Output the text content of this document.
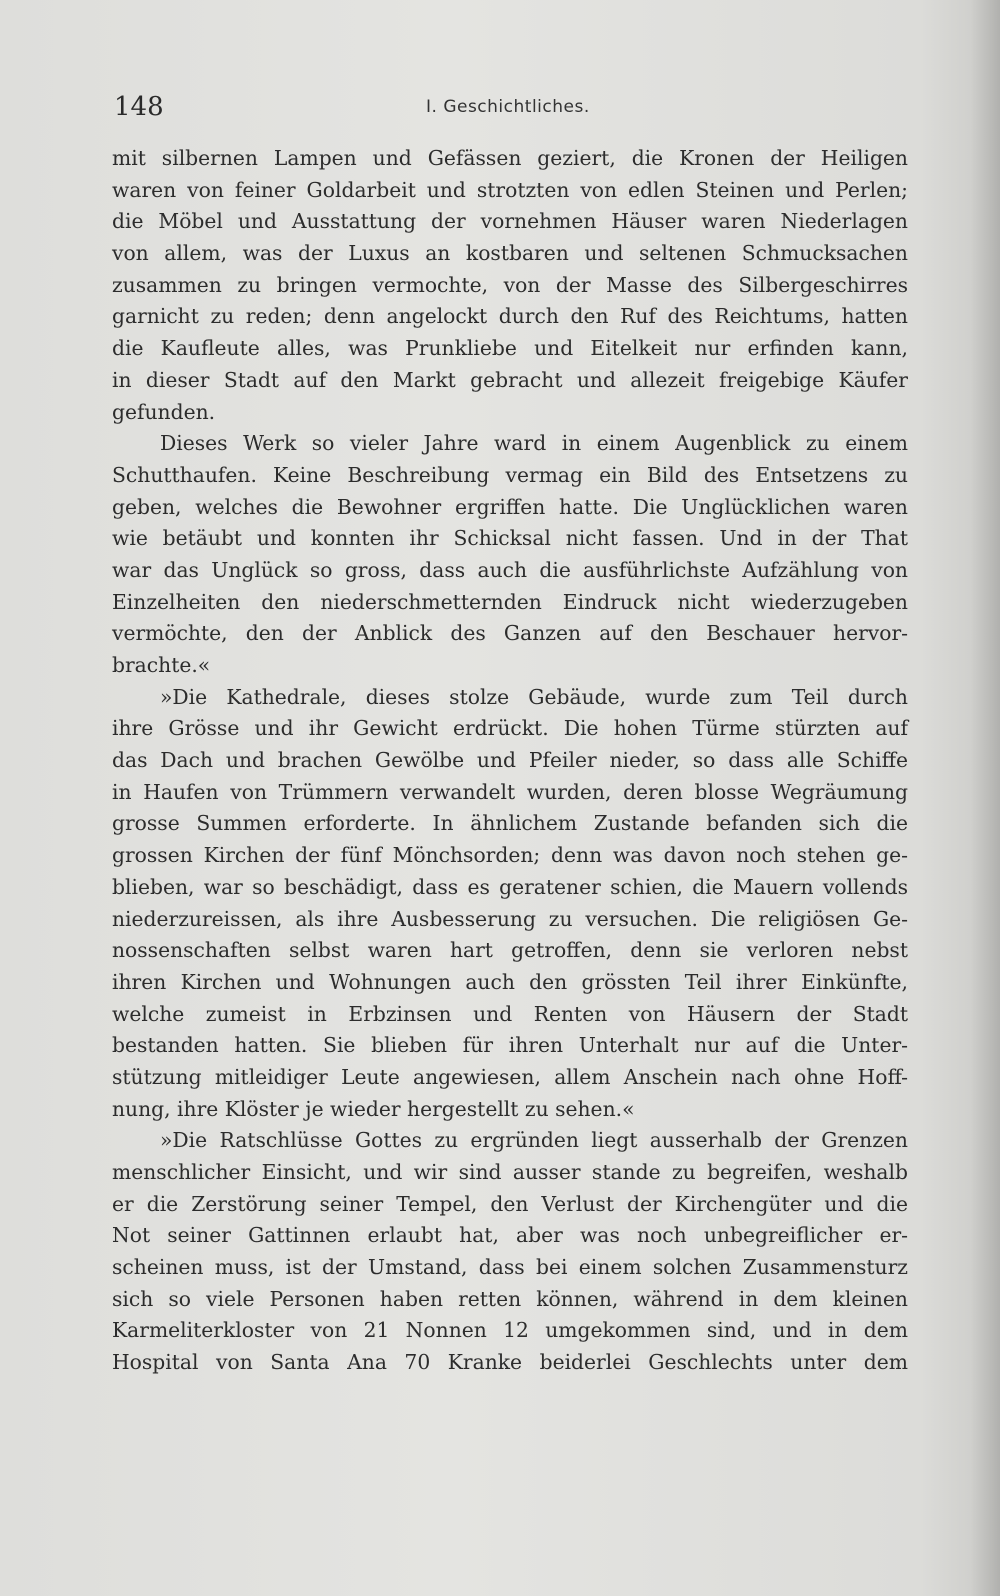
148	I. Geschichtliches.
mit silbernen Lampen und Gefässen geziert, die Kronen der Heiligen
waren von feiner Goldarbeit und strotzten von edlen Steinen und Perlen;
die Möbel und Ausstattung der vornehmen Häuser waren Niederlagen
von allem, was der Luxus an kostbaren und seltenen Schmucksachen
zusammen zu bringen vermochte, von der Masse des Silbergeschirres
garnicht zu reden; denn angelockt durch den Ruf des Reichtums, hatten
die Kaufleute alles, was Prunkliebe und Eitelkeit nur erfinden kann,
in dieser Stadt auf den Markt gebracht und allezeit freigebige Käufer
gefunden.
Dieses Werk so vieler Jahre ward in einem Augenblick zu einem
Schutthaufen. Keine Beschreibung vermag ein Bild des Entsetzens zu
geben, welches die Bewohner ergriffen hatte. Die Unglücklichen waren
wie betäubt und konnten ihr Schicksal nicht fassen. Und in der That
war das Unglück so gross, dass auch die ausführlichste Aufzählung von
Einzelheiten den niederschmetternden Eindruck nicht wiederzugeben
vermöchte, den der Anblick des Ganzen auf den Beschauer hervor-
brachte.«
»Die Kathedrale, dieses stolze Gebäude, wurde zum Teil durch
ihre Grösse und ihr Gewicht erdrückt. Die hohen Türme stürzten auf
das Dach und brachen Gewölbe und Pfeiler nieder, so dass alle Schiffe
in Haufen von Trümmern verwandelt wurden, deren blosse Wegräumung
grosse Summen erforderte. In ähnlichem Zustande befanden sich die
grossen Kirchen der fünf Mönchsorden; denn was davon noch stehen ge-
blieben, war so beschädigt, dass es geratener schien, die Mauern vollends
niederzureissen, als ihre Ausbesserung zu versuchen. Die religiösen Ge-
nossenschaften selbst waren hart getroffen, denn sie verloren nebst
ihren Kirchen und Wohnungen auch den grössten Teil ihrer Einkünfte,
welche zumeist in Erbzinsen und Renten von Häusern der Stadt
bestanden hatten. Sie blieben für ihren Unterhalt nur auf die Unter-
stützung mitleidiger Leute angewiesen, allem Anschein nach ohne Hoff-
nung, ihre Klöster je wieder hergestellt zu sehen.«
»Die Ratschlüsse Gottes zu ergründen liegt ausserhalb der Grenzen
menschlicher Einsicht, und wir sind ausser stande zu begreifen, weshalb
er die Zerstörung seiner Tempel, den Verlust der Kirchengüter und die
Not seiner Gattinnen erlaubt hat, aber was noch unbegreiflicher er-
scheinen muss, ist der Umstand, dass bei einem solchen Zusammensturz
sich so viele Personen haben retten können, während in dem kleinen
Karmeliterkloster von 21 Nonnen 12 umgekommen sind, und in dem
Hospital von Santa Ana 70 Kranke beiderlei Geschlechts unter dem
